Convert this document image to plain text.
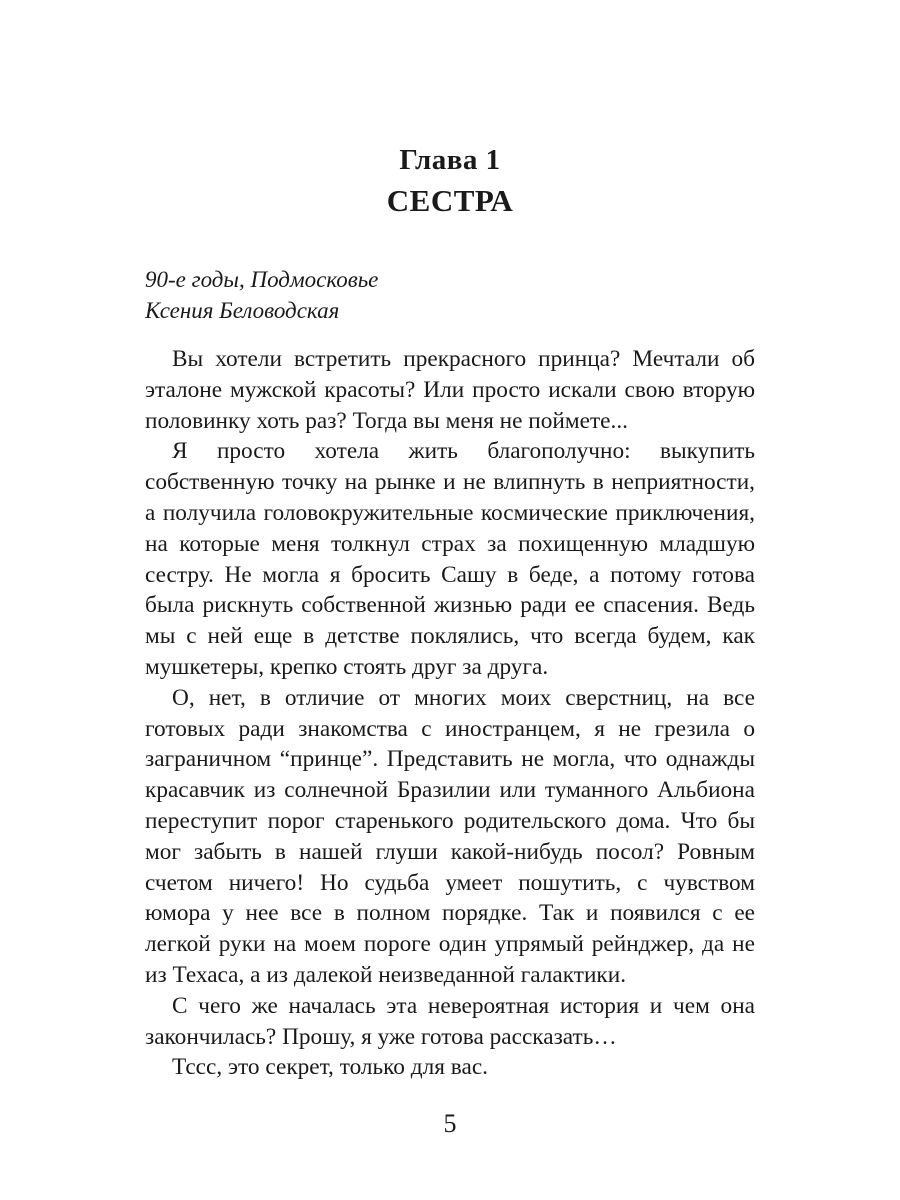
Глава 1
СЕСТРА
90-е годы, Подмосковье
Ксения Беловодская

Вы хотели встретить прекрасного принца? Мечтали об эталоне мужской красоты? Или просто искали свою вторую половинку хоть раз? Тогда вы меня не поймете...

Я просто хотела жить благополучно: выкупить собственную точку на рынке и не влипнуть в неприятности, а получила головокружительные космические приключения, на которые меня толкнул страх за похищенную младшую сестру. Не могла я бросить Сашу в беде, а потому готова была рискнуть собственной жизнью ради ее спасения. Ведь мы с ней еще в детстве поклялись, что всегда будем, как мушкетеры, крепко стоять друг за друга.

О, нет, в отличие от многих моих сверстниц, на все готовых ради знакомства с иностранцем, я не грезила о заграничном “принце”. Представить не могла, что однажды красавчик из солнечной Бразилии или туманного Альбиона переступит порог старенького родительского дома. Что бы мог забыть в нашей глуши какой-нибудь посол? Ровным счетом ничего! Но судьба умеет пошутить, с чувством юмора у нее все в полном порядке. Так и появился с ее легкой руки на моем пороге один упрямый рейнджер, да не из Техаса, а из далекой неизведанной галактики.

С чего же началась эта невероятная история и чем она закончилась? Прошу, я уже готова рассказать…

Тссс, это секрет, только для вас.

5
